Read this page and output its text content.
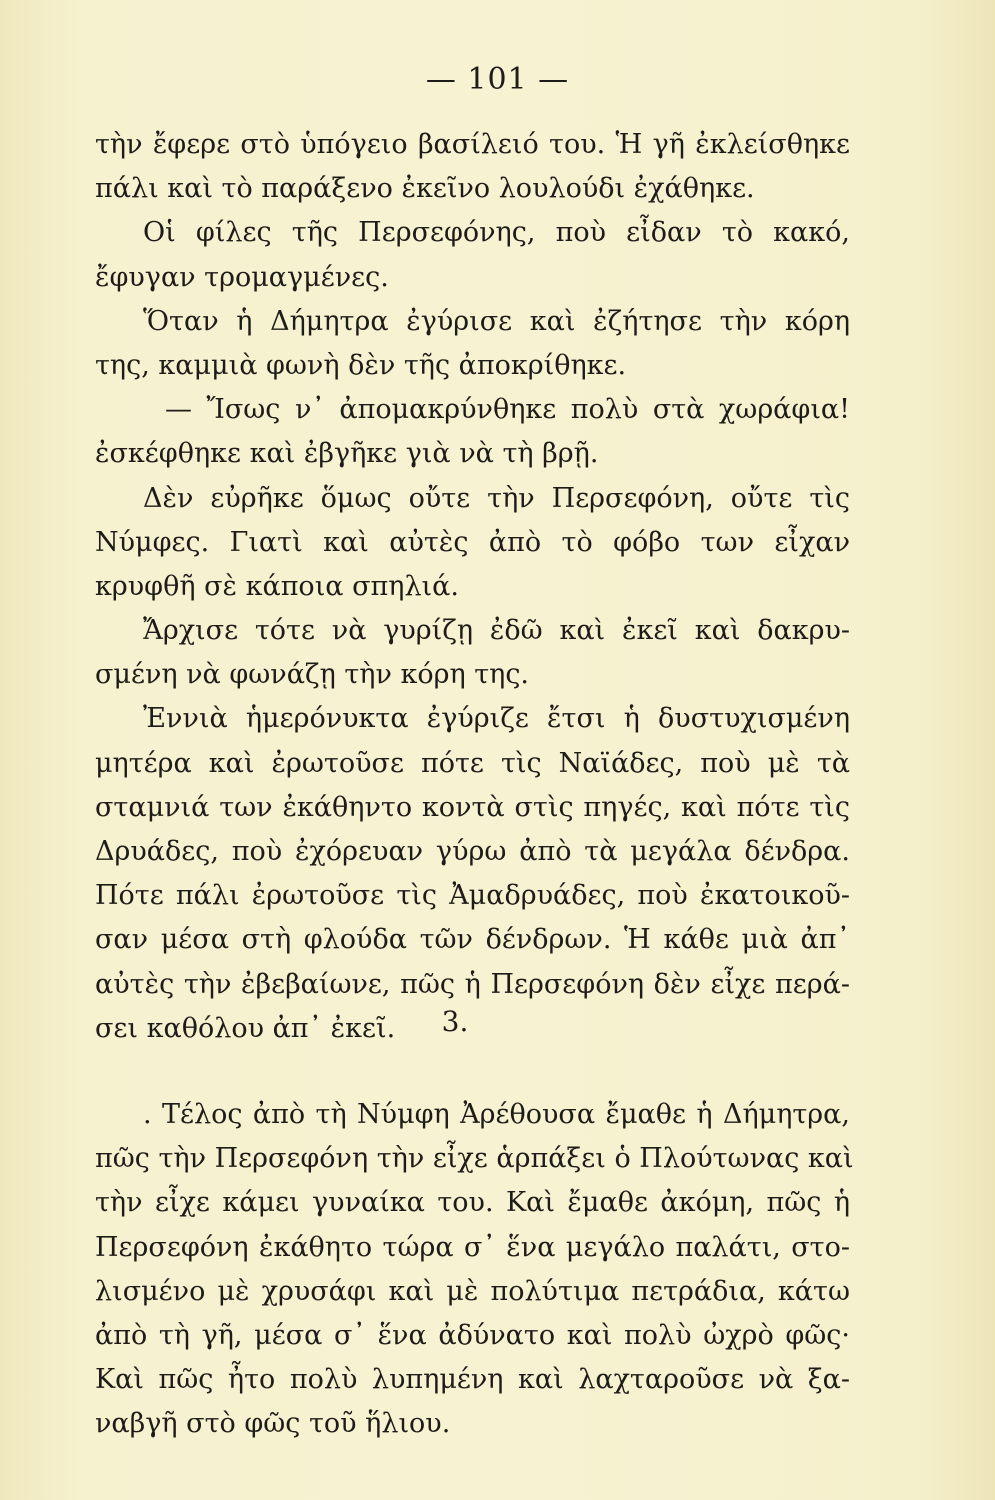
— 101 —
τὴν ἔφερε στὸ ὑπόγειο βασίλειό του. Ἡ γῆ ἐκλείσθηκε
πάλι καὶ τὸ παράξενο ἐκεῖνο λουλούδι ἐχάθηκε.
Οἱ φίλες τῆς Περσεφόνης, ποὺ εἶδαν τὸ κακό,
ἔφυγαν τρομαγμένες.
Ὅταν ἡ Δήμητρα ἐγύρισε καὶ ἐζήτησε τὴν κόρη
της, καμμιὰ φωνὴ δὲν τῆς ἀποκρίθηκε.
— Ἴσως ν᾽ ἀπομακρύνθηκε πολὺ στὰ χωράφια!
ἐσκέφθηκε καὶ ἐβγῆκε γιὰ νὰ τὴ βρῇ.
Δὲν εὐρῆκε ὅμως οὔτε τὴν Περσεφόνη, οὔτε τὶς
Νύμφες. Γιατὶ καὶ αὐτὲς ἀπὸ τὸ φόβο των εἶχαν
κρυφθῆ σὲ κάποια σπηλιά.
Ἄρχισε τότε νὰ γυρίζῃ ἐδῶ καὶ ἐκεῖ καὶ δακρυ-
σμένη νὰ φωνάζῃ τὴν κόρη της.
Ἐννιὰ ἡμερόνυκτα ἐγύριζε ἔτσι ἡ δυστυχισμένη
μητέρα καὶ ἐρωτοῦσε πότε τὶς Ναϊάδες, ποὺ μὲ τὰ
σταμνιά των ἐκάθηντο κοντὰ στὶς πηγές, καὶ πότε τὶς
Δρυάδες, ποὺ ἐχόρευαν γύρω ἀπὸ τὰ μεγάλα δένδρα.
Πότε πάλι ἐρωτοῦσε τὶς Ἀμαδρυάδες, ποὺ ἐκατοικοῦ-
σαν μέσα στὴ φλούδα τῶν δένδρων. Ἡ κάθε μιὰ ἀπ᾽
αὐτὲς τὴν ἐβεβαίωνε, πῶς ἡ Περσεφόνη δὲν εἶχε περά-
σει καθόλου ἀπ᾽ ἐκεῖ.	3.
. Τέλος ἀπὸ τὴ Νύμφη Ἀρέθουσα ἔμαθε ἡ Δήμητρα,
πῶς τὴν Περσεφόνη τὴν εἶχε ἁρπάξει ὁ Πλούτωνας καὶ
τὴν εἶχε κάμει γυναίκα του. Καὶ ἔμαθε ἀκόμη, πῶς ἡ
Περσεφόνη ἐκάθητο τώρα σ᾽ ἕνα μεγάλο παλάτι, στο-
λισμένο μὲ χρυσάφι καὶ μὲ πολύτιμα πετράδια, κάτω
ἀπὸ τὴ γῆ, μέσα σ᾽ ἕνα ἀδύνατο καὶ πολὺ ὠχρὸ φῶς·
Καὶ πῶς ἦτο πολὺ λυπημένη καὶ λαχταροῦσε νὰ ξα-
ναβγῆ στὸ φῶς τοῦ ἥλιου.
